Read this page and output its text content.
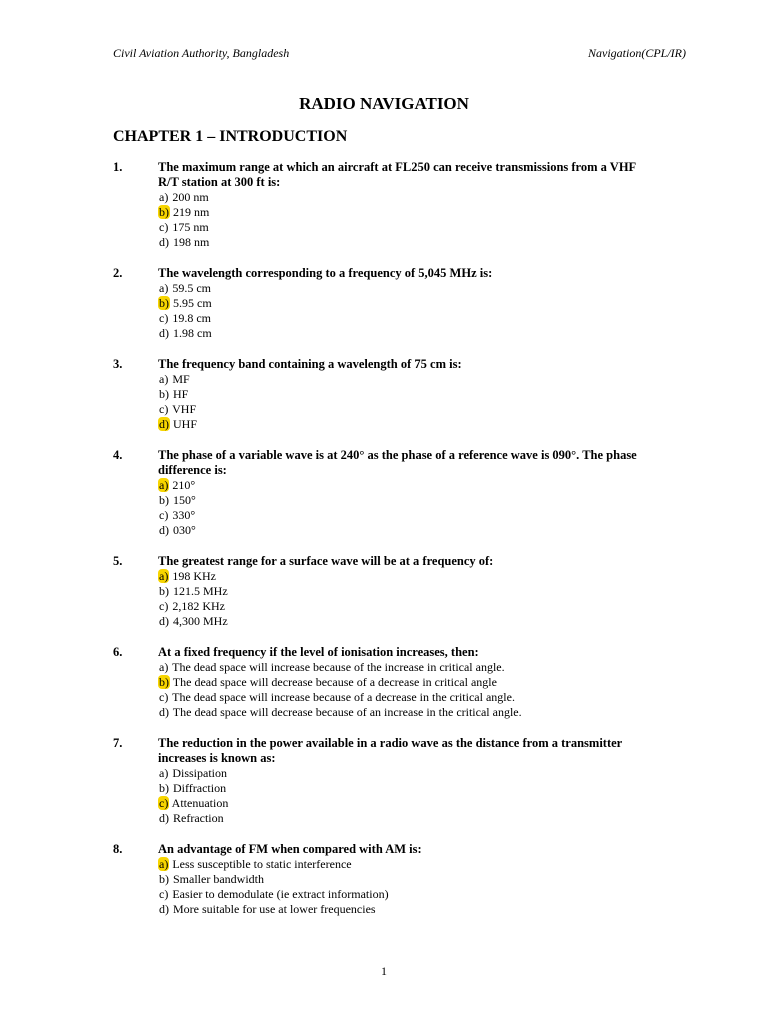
Civil Aviation Authority, Bangladesh	Navigation(CPL/IR)
RADIO NAVIGATION
CHAPTER 1 – INTRODUCTION
1.	The maximum range at which an aircraft at FL250 can receive transmissions from a VHF R/T station at 300 ft is:

a) 200 nm
b) 219 nm
c) 175 nm
d) 198 nm
2.	The wavelength corresponding to a frequency of 5,045 MHz is:

a) 59.5 cm
b) 5.95 cm
c) 19.8 cm
d) 1.98 cm
3.	The frequency band containing a wavelength of 75 cm is:

a) MF
b) HF
c) VHF
d) UHF
4.	The phase of a variable wave is at 240° as the phase of a reference wave is 090°. The phase difference is:

a) 210°
b) 150°
c) 330°
d) 030°
5.	The greatest range for a surface wave will be at a frequency of:

a) 198 KHz
b) 121.5 MHz
c) 2,182 KHz
d) 4,300 MHz
6.	At a fixed frequency if the level of ionisation increases, then:

a) The dead space will increase because of the increase in critical angle.
b) The dead space will decrease because of a decrease in critical angle
c) The dead space will increase because of a decrease in the critical angle.
d) The dead space will decrease because of an increase in the critical angle.
7.	The reduction in the power available in a radio wave as the distance from a transmitter increases is known as:

a) Dissipation
b) Diffraction
c) Attenuation
d) Refraction
8.	An advantage of FM when compared with AM is:

a) Less susceptible to static interference
b) Smaller bandwidth
c) Easier to demodulate (ie extract information)
d) More suitable for use at lower frequencies
1
